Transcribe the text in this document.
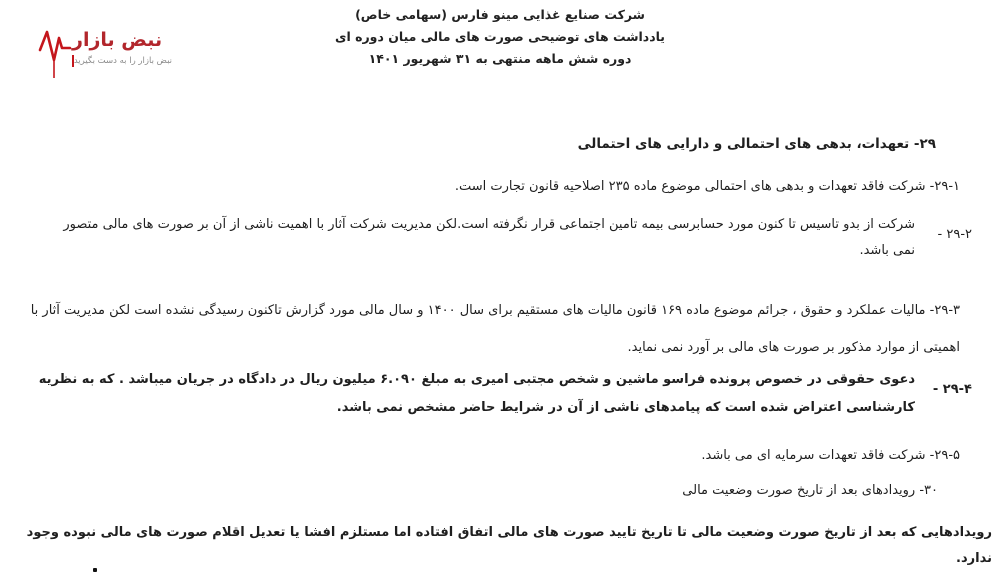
نبض بازار
نبض بازار را به دست بگیرید
شرکت صنایع غذایی مینو فارس (سهامی خاص)
یادداشت های توضیحی صورت های مالی میان دوره ای
دوره شش ماهه منتهی به ۳۱ شهریور ۱۴۰۱
۲۹- تعهدات، بدهی های احتمالی و دارایی های احتمالی
۲۹-۱- شرکت فاقد تعهدات و بدهی های احتمالی موضوع ماده ۲۳۵ اصلاحیه قانون تجارت است.
۲۹-۲ -
شرکت از بدو تاسیس تا کنون مورد حسابرسی بیمه تامین اجتماعی قرار نگرفته است.لکن مدیریت شرکت آثار با اهمیت ناشی از آن بر صورت های مالی متصور نمی باشد.
۲۹-۳- مالیات عملکرد و حقوق ، جرائم موضوع ماده ۱۶۹ قانون مالیات های مستقیم برای سال ۱۴۰۰ و سال مالی مورد گزارش تاکنون رسیدگی نشده است لکن مدیریت آثار با اهمیتی از موارد مذکور بر صورت های مالی بر آورد نمی نماید.
۲۹-۴ -
دعوی حقوقی در خصوص پرونده فراسو ماشین و شخص مجتبی امیری به مبلغ ۶.۰۹۰ میلیون ریال در دادگاه در جریان میباشد . که به نظریه کارشناسی اعتراض شده است که پیامدهای ناشی از آن در شرایط حاضر مشخص نمی باشد.
۲۹-۵- شرکت فاقد تعهدات سرمایه ای می باشد.
۳۰- رویدادهای بعد از تاریخ صورت وضعیت مالی
رویدادهایی که بعد از تاریخ صورت وضعیت مالی تا تاریخ تایید صورت های مالی اتفاق افتاده اما مستلزم افشا یا تعدیل اقلام صورت های مالی نبوده وجود ندارد.
